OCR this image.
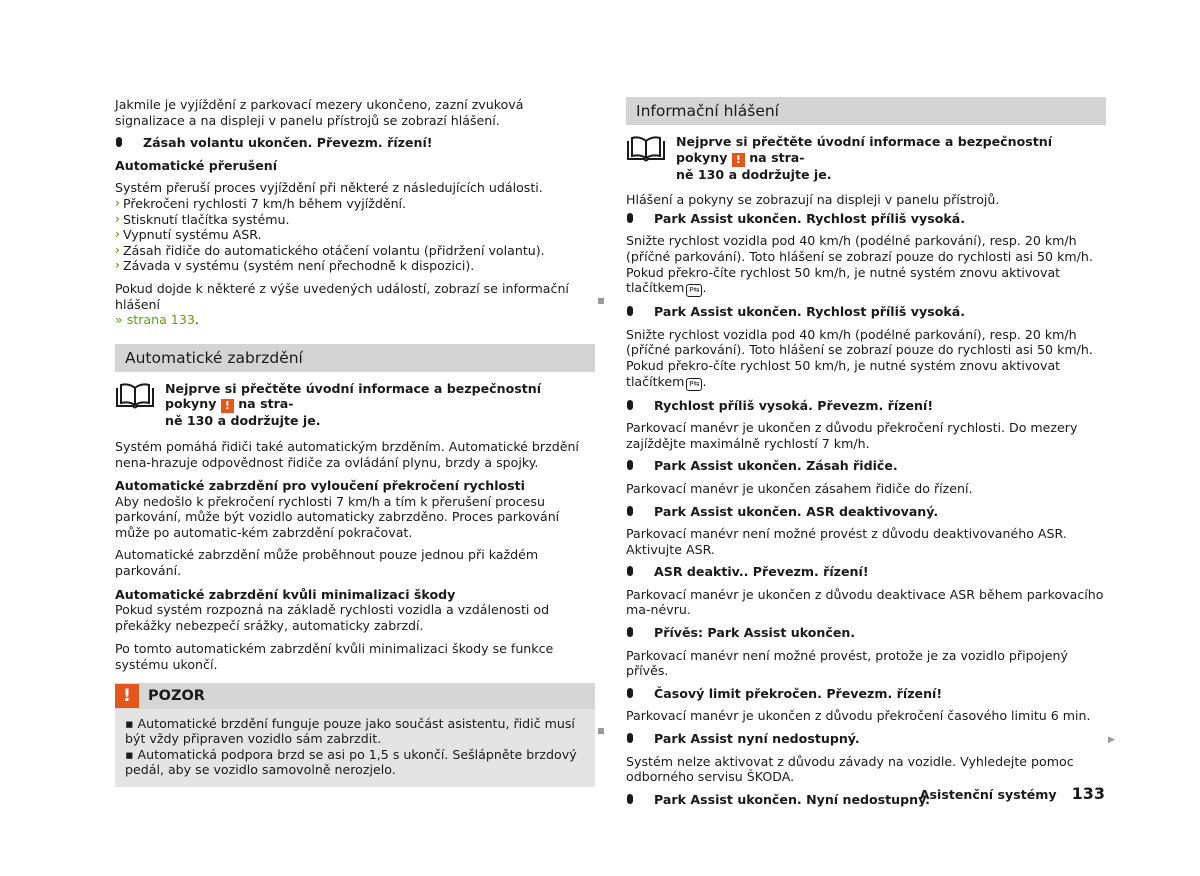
Jakmile je vyjíždění z parkovací mezery ukončeno, zazní zvuková signalizace a na displeji v panelu přístrojů se zobrazí hlášení.

Zásah volantu ukončen. Převezm. řízení!

Automatické přerušení

Systém přeruší proces vyjíždění při některé z následujících události.

› Překročeni rychlosti 7 km/h během vyjíždění.
› Stisknutí tlačítka systému.
› Vypnutí systému ASR.
› Zásah řidiče do automatického otáčení volantu (přidržení volantu).
› Závada v systému (systém není přechodně k dispozici).

Pokud dojde k některé z výše uvedených událostí, zobrazí se informační hlášení
» strana 133.

Automatické zabrzdění
Nejprve si přečtěte úvodní informace a bezpečnostní pokyny ! na stra-
ně 130 a dodržujte je.

Systém pomáhá řidiči také automatickým brzděním. Automatické brzdění nena-hrazuje odpovědnost řidiče za ovládání plynu, brzdy a spojky.

Automatické zabrzdění pro vyloučení překročení rychlosti

Aby nedošlo k překročení rychlosti 7 km/h a tím k přerušení procesu parkování, může být vozidlo automaticky zabrzděno. Proces parkování může po automatic-kém zabrzdění pokračovat.

Automatické zabrzdění může proběhnout pouze jednou při každém parkování.

Automatické zabrzdění kvůli minimalizaci škody

Pokud systém rozpozná na základě rychlosti vozidla a vzdálenosti od překážky nebezpečí srážky, automaticky zabrzdí.

Po tomto automatickém zabrzdění kvůli minimalizaci škody se funkce systému ukončí.

!	POZOR

▪ Automatické brzdění funguje pouze jako součást asistentu, řidič musí být vždy připraven vozidlo sám zabrzdit.

▪ Automatická podpora brzd se asi po 1,5 s ukončí. Sešlápněte brzdový pedál, aby se vozidlo samovolně nerozjelo.

Informační hlášení
Nejprve si přečtěte úvodní informace a bezpečnostní pokyny ! na stra-
ně 130 a dodržujte je.

Hlášení a pokyny se zobrazují na displeji v panelu přístrojů.

Park Assist ukončen. Rychlost příliš vysoká.

Snižte rychlost vozidla pod 40 km/h (podélné parkování), resp. 20 km/h (příčné parkování). Toto hlášení se zobrazí pouze do rychlosti asi 50 km/h. Pokud překro-číte rychlost 50 km/h, je nutné systém znovu aktivovat tlačítkem P⇆ .

Park Assist ukončen. Rychlost příliš vysoká.

Snižte rychlost vozidla pod 40 km/h (podélné parkování), resp. 20 km/h (příčné parkování). Toto hlášení se zobrazí pouze do rychlosti asi 50 km/h. Pokud překro-číte rychlost 50 km/h, je nutné systém znovu aktivovat tlačítkem P⇆ .

Rychlost příliš vysoká. Převezm. řízení!

Parkovací manévr je ukončen z důvodu překročení rychlosti. Do mezery zajíždějte maximálně rychlostí 7 km/h.

Park Assist ukončen. Zásah řidiče.

Parkovací manévr je ukončen zásahem řidiče do řízení.

Park Assist ukončen. ASR deaktivovaný.

Parkovací manévr není možné provést z důvodu deaktivovaného ASR. Aktivujte ASR.

ASR deaktiv.. Převezm. řízení!

Parkovací manévr je ukončen z důvodu deaktivace ASR během parkovacího ma-névru.

Přívěs: Park Assist ukončen.

Parkovací manévr není možné provést, protože je za vozidlo připojený přívěs.

Časový limit překročen. Převezm. řízení!

Parkovací manévr je ukončen z důvodu překročení časového limitu 6 min.

Park Assist nyní nedostupný.

Systém nelze aktivovat z důvodu závady na vozidle. Vyhledejte pomoc odborného servisu ŠKODA.

Park Assist ukončen. Nyní nedostupný.
▶
Asistenční systémy 133
